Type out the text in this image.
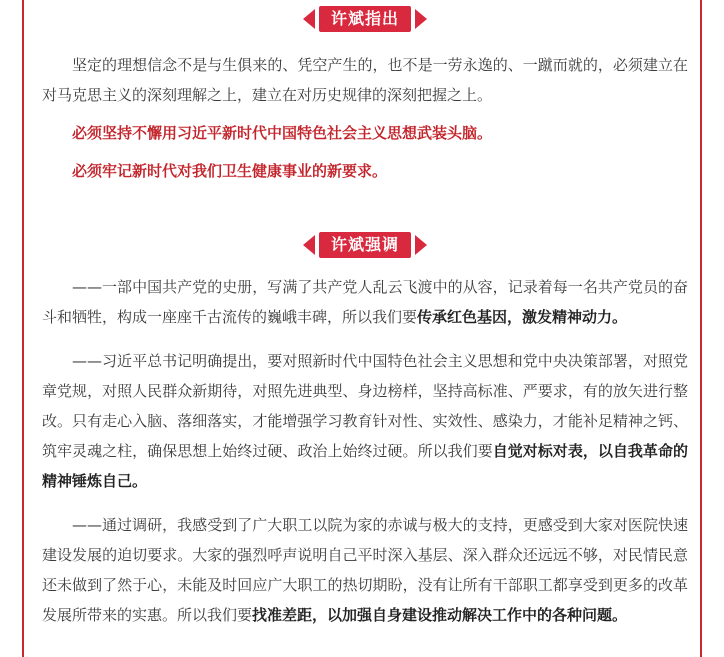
许斌指出

坚定的理想信念不是与生俱来的、凭空产生的，也不是一劳永逸的、一蹴而就的，必须建立在对马克思主义的深刻理解之上，建立在对历史规律的深刻把握之上。

必须坚持不懈用习近平新时代中国特色社会主义思想武装头脑。

必须牢记新时代对我们卫生健康事业的新要求。

许斌强调

——一部中国共产党的史册，写满了共产党人乱云飞渡中的从容，记录着每一名共产党员的奋斗和牺牲，构成一座座千古流传的巍峨丰碑，所以我们要传承红色基因，激发精神动力。

——习近平总书记明确提出，要对照新时代中国特色社会主义思想和党中央决策部署，对照党章党规，对照人民群众新期待，对照先进典型、身边榜样，坚持高标准、严要求，有的放矢进行整改。只有走心入脑、落细落实，才能增强学习教育针对性、实效性、感染力，才能补足精神之钙、筑牢灵魂之柱，确保思想上始终过硬、政治上始终过硬。所以我们要自觉对标对表，以自我革命的精神锤炼自己。

——通过调研，我感受到了广大职工以院为家的赤诚与极大的支持，更感受到大家对医院快速建设发展的迫切要求。大家的强烈呼声说明自己平时深入基层、深入群众还远远不够，对民情民意还未做到了然于心，未能及时回应广大职工的热切期盼，没有让所有干部职工都享受到更多的改革发展所带来的实惠。所以我们要找准差距，以加强自身建设推动解决工作中的各种问题。
